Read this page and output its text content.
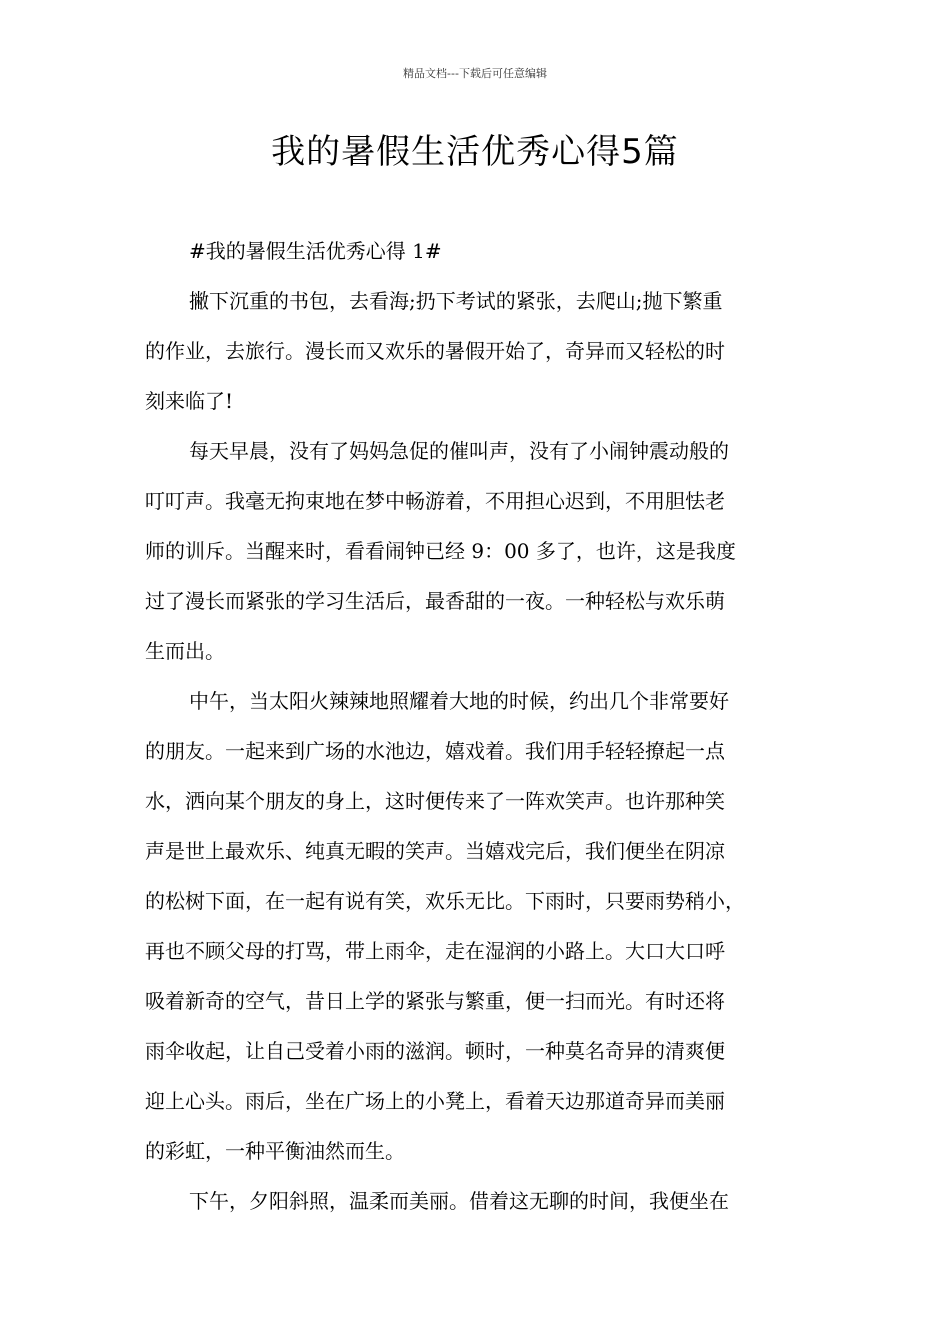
精品文档---下载后可任意编辑
我的暑假生活优秀心得5篇
#我的暑假生活优秀心得 1#

撇下沉重的书包，去看海;扔下考试的紧张，去爬山;抛下繁重
的作业，去旅行。漫长而又欢乐的暑假开始了，奇异而又轻松的时
刻来临了!

每天早晨，没有了妈妈急促的催叫声，没有了小闹钟震动般的
叮叮声。我毫无拘束地在梦中畅游着，不用担心迟到，不用胆怯老
师的训斥。当醒来时，看看闹钟已经 9：00 多了，也许，这是我度
过了漫长而紧张的学习生活后，最香甜的一夜。一种轻松与欢乐萌
生而出。

中午，当太阳火辣辣地照耀着大地的时候，约出几个非常要好
的朋友。一起来到广场的水池边，嬉戏着。我们用手轻轻撩起一点
水，洒向某个朋友的身上，这时便传来了一阵欢笑声。也许那种笑
声是世上最欢乐、纯真无暇的笑声。当嬉戏完后，我们便坐在阴凉
的松树下面，在一起有说有笑，欢乐无比。下雨时，只要雨势稍小，
再也不顾父母的打骂，带上雨伞，走在湿润的小路上。大口大口呼
吸着新奇的空气，昔日上学的紧张与繁重，便一扫而光。有时还将
雨伞收起，让自己受着小雨的滋润。顿时，一种莫名奇异的清爽便
迎上心头。雨后，坐在广场上的小凳上，看着天边那道奇异而美丽
的彩虹，一种平衡油然而生。

下午，夕阳斜照，温柔而美丽。借着这无聊的时间，我便坐在
